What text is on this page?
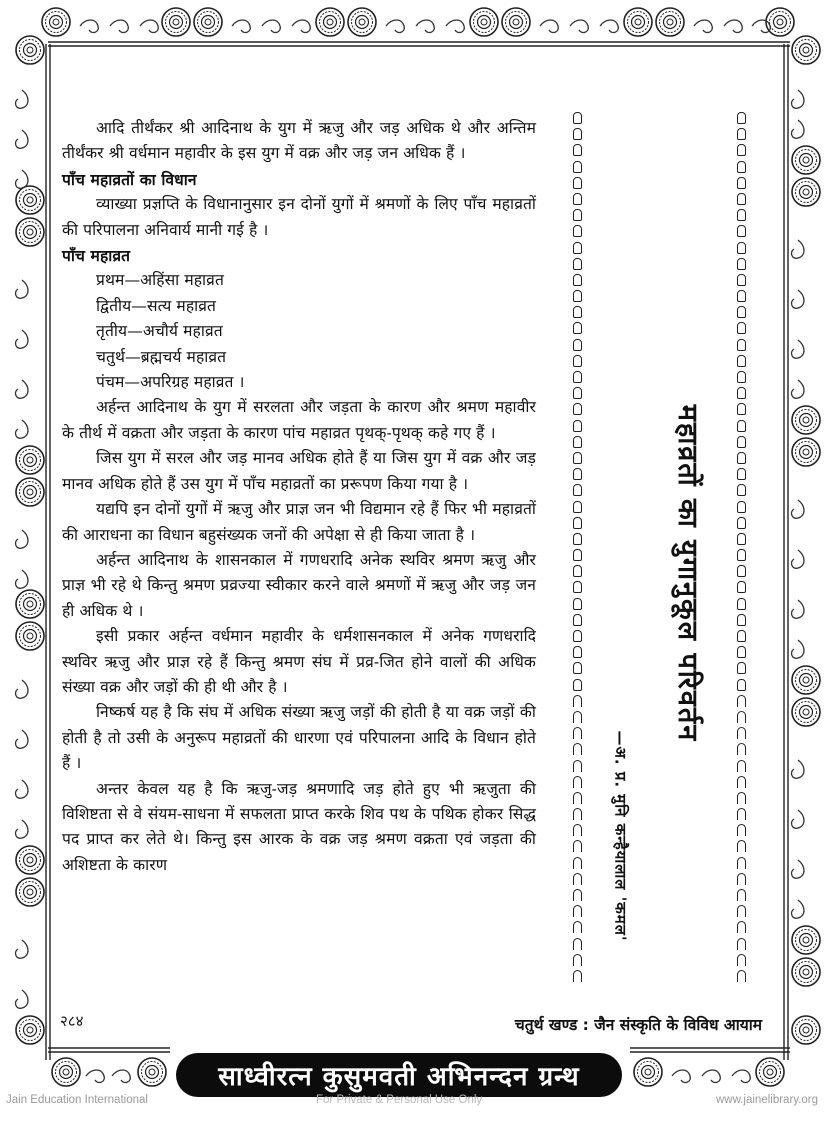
आदि तीर्थंकर श्री आदिनाथ के युग में ऋजु और जड़ अधिक थे और अन्तिम तीर्थंकर श्री वर्धमान महावीर के इस युग में वक्र और जड़ जन अधिक हैं ।

पाँच महाव्रतों का विधान

व्याख्या प्रज्ञप्ति के विधानानुसार इन दोनों युगों में श्रमणों के लिए पाँच महाव्रतों की परिपालना अनिवार्य मानी गई है ।

पाँच महाव्रत

प्रथम—अहिंसा महाव्रत

द्वितीय—सत्य महाव्रत

तृतीय—अचौर्य महाव्रत

चतुर्थ—ब्रह्मचर्य महाव्रत

पंचम—अपरिग्रह महाव्रत ।

अर्हन्त आदिनाथ के युग में सरलता और जड़ता के कारण और श्रमण महावीर के तीर्थ में वक्रता और जड़ता के कारण पांच महाव्रत पृथक्-पृथक् कहे गए हैं ।

जिस युग में सरल और जड़ मानव अधिक होते हैं या जिस युग में वक्र और जड़ मानव अधिक होते हैं उस युग में पाँच महाव्रतों का प्ररूपण किया गया है ।

यद्यपि इन दोनों युगों में ऋजु और प्राज्ञ जन भी विद्यमान रहे हैं फिर भी महाव्रतों की आराधना का विधान बहुसंख्यक जनों की अपेक्षा से ही किया जाता है ।

अर्हन्त आदिनाथ के शासनकाल में गणधरादि अनेक स्थविर श्रमण ऋजु और प्राज्ञ भी रहे थे किन्तु श्रमण प्रव्रज्या स्वीकार करने वाले श्रमणों में ऋजु और जड़ जन ही अधिक थे ।

इसी प्रकार अर्हन्त वर्धमान महावीर के धर्मशासनकाल में अनेक गणधरादि स्थविर ऋजु और प्राज्ञ रहे हैं किन्तु श्रमण संघ में प्रव्र-जित होने वालों की अधिक संख्या वक्र और जड़ों की ही थी और है ।

निष्कर्ष यह है कि संघ में अधिक संख्या ऋजु जड़ों की होती है या वक्र जड़ों की होती है तो उसी के अनुरूप महाव्रतों की धारणा एवं परिपालना आदि के विधान होते हैं ।

अन्तर केवल यह है कि ऋजु-जड़ श्रमणादि जड़ होते हुए भी ऋजुता की विशिष्टता से वे संयम-साधना में सफलता प्राप्त करके शिव पथ के पथिक होकर सिद्ध पद प्राप्त कर लेते थे। किन्तु इस आरक के वक्र जड़ श्रमण वक्रता एवं जड़ता की अशिष्टता के कारण

महाव्रतों का युगानुकूल परिवर्तन
—अ. प्र. मुनि कन्हैयालाल 'कमल'
२८४	चतुर्थ खण्ड : जैन संस्कृति के विविध आयाम
साध्वीरत्न कुसुमवती अभिनन्दन ग्रन्थ
Jain Education International	For Private & Personal Use Only	www.jainelibrary.org
